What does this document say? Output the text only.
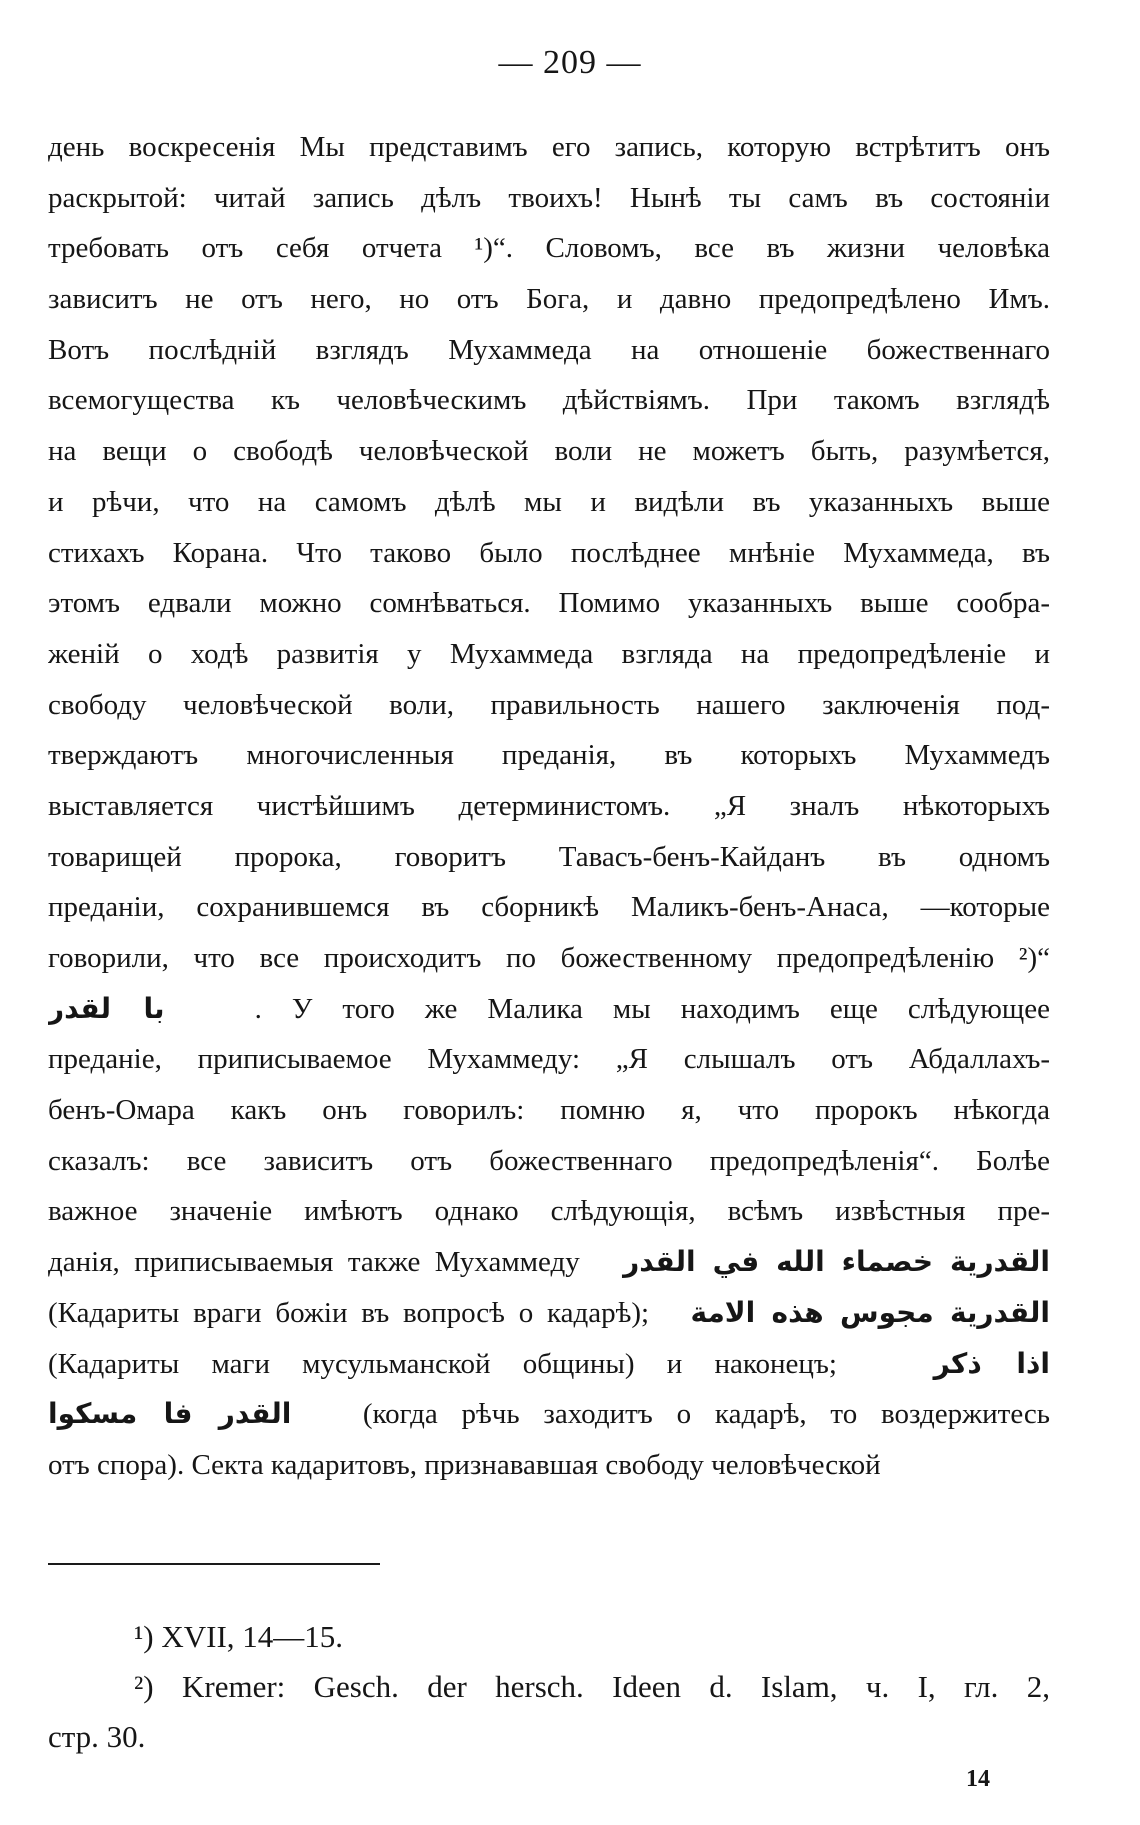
— 209 —
день воскресенія Мы представимъ его запись, которую встрѣтитъ онъ
раскрытой: читай запись дѣлъ твоихъ! Нынѣ ты самъ въ состояніи
требовать отъ себя отчета ¹)“. Словомъ, все въ жизни человѣка
зависитъ не отъ него, но отъ Бога, и давно предопредѣлено Имъ.
Вотъ послѣдній взглядъ Мухаммеда на отношеніе божественнаго
всемогущества къ человѣческимъ дѣйствіямъ. При такомъ взглядѣ
на вещи о свободѣ человѣческой воли не можетъ быть, разумѣется,
и рѣчи, что на самомъ дѣлѣ мы и видѣли въ указанныхъ выше
стихахъ Корана. Что таково было послѣднее мнѣніе Мухаммеда, въ
этомъ едвали можно сомнѣваться. Помимо указанныхъ выше сообра-
женій о ходѣ развитія у Мухаммеда взгляда на предопредѣленіе и
свободу человѣческой воли, правильность нашего заключенія под-
тверждаютъ многочисленныя преданія, въ которыхъ Мухаммедъ
выставляется чистѣйшимъ детерминистомъ. „Я зналъ нѣкоторыхъ
товарищей пророка, говоритъ Тавасъ-бенъ-Кайданъ въ одномъ
преданіи, сохранившемся въ сборникѣ Маликъ-бенъ-Анаса, —которые
говорили, что все происходитъ по божественному предопредѣленію ²)“
با لقدر	. У того же Малика мы находимъ еще слѣдующее
преданіе, приписываемое Мухаммеду: „Я слышалъ отъ Абдаллахъ-
бенъ-Омара какъ онъ говорилъ: помню я, что пророкъ нѣкогда
сказалъ: все зависитъ отъ божественнаго предопредѣленія“. Болѣе
важное значеніе имѣютъ однако слѣдующія, всѣмъ извѣстныя пре-
данія, приписываемыя также Мухаммеду القدرية خصماء الله في القدر
(Кадариты враги божіи въ вопросѣ о кадарѣ); القدرية مجوس هذه الامة
(Кадариты маги мусульманской общины) и наконецъ;	اذا ذكر
القدر فا مسكوا (когда рѣчь заходитъ о кадарѣ, то воздержитесь
отъ спора). Секта кадаритовъ, признававшая свободу человѣческой
¹) XVII, 14—15.
²) Kremer: Gesch. der hersch. Ideen d. Islam, ч. I, гл. 2,
стр. 30.
14
